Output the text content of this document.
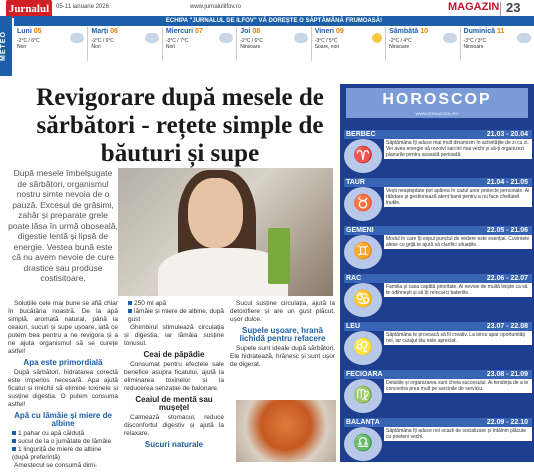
Jurnalul	05-11 ianuarie 2026	www.jurnalulilfov.ro	MAGAZIN 23
METEO
ECHIPA "JURNALUL DE ILFOV" VĂ DOREȘTE O SĂPTĂMÂNĂ FRUMOASĂ!
Luni 05
-2°C / 6°C
Nori
Marți 06
-2°C / 6°C
Nori
Miercuri 07
-3°C / 7°C
Nori
Joi 08
-2°C / 6°C
Ninsoare
Vineri 09
-3°C / 5°C
Soare, nori
Sâmbătă 10
-2°C / 4°C
Ninsoare
Duminică 11
-3°C / 3°C
Ninsoare
Revigorare după mesele de sărbători - rețete simple de băuturi și supe
După mesele îmbelșugate de sărbători, organismul nostru simte nevoia de o pauză. Excesul de grăsimi, zahăr și preparate grele poate lăsa în urmă oboseală, digestie lentă și lipsă de energie. Vestea bună este că nu avem nevoie de cure drastice sau produse costisitoare.

Soluțiile cele mai bune se află chiar în bucătăria noastră. De la apă simplă, aromată natural, până la ceaiuri, sucuri și supe ușoare, iată ce putem bea pentru a ne revigora și a ne ajuta organismul să se curețe astfel!

Apa este primordială

După sărbători, hidratarea corectă este imperios necesară. Apa ajută ficatul și rinichii să elimine toxinele și susține digestia. O putem consuma astfel!

Apă cu lămâie și miere de albine
1 pahar cu apă călduță
sucul de la o jumătate de lămâie
1 linguriță de miere de albine (după preferință)

Amestecul se consumă dimi-

250 ml apă
lămâie și miere de albine, după gust

Ghimbirul stimulează circulația și digestia, iar lămâia susține tonusul.

Ceai de păpădie

Consumat pentru efectele sale benefice asupra ficatului, ajută la eliminarea toxinelor și la reducerea senzației de balonare.

Ceaiul de mentă sau mușețel

Calmează stomacul, reduce disconfortul digestiv și ajută la relaxare.

Sucuri naturale

Sucul susține circulația, ajută la detoxifiere și are un gust plăcut, ușor dulce.

Supele ușoare, hrană lichidă pentru refacere

Supele sunt ideale după sărbători. Ele hidratează, hrănesc și sunt ușor de digerat.

HOROSCOP
WWW.ZODIACOOL.RO
BERBEC	21.03 - 20.04
♈
Săptămâna îți aduce mai mult dinamism în activitățile de zi cu zi. Vei avea energie să rezolvi sarcini mai vechi și să-ți organizezi planurile pentru această perioadă.
TAUR	21.04 - 21.05
♉
Vești neașteptate pot apărea în cazul unor proiecte personale. Ai răbdare și gestionează atent banii pentru a nu face cheltuieli inutile.
GEMENI	22.05 - 21.06
♊
Modul în care îți expui punctul de vedere este esențial. Cuvintele alese cu grijă te ajută să clarifici situațiile.
RAC	22.06 - 22.07
♋
Familia și casa capătă prioritate. Ai nevoie de multă liniște ca să te odihnești și să îți reîncarci bateriile.
LEU	23.07 - 22.08
♌
Săptămâna te provoacă să fii creativ. La birou apar oportunități noi, iar curajul tău este apreciat.
FECIOARA	23.08 - 21.09
♍
Detaliile și organizarea sunt cheia succesului. Ai tendința de a te concentra prea mult pe sarcinile de serviciu.
BALANȚA	22.09 - 22.10
♎
Săptămâna îți aduce noi ocazii de socializare și întâlniri plăcute cu prieteni vechi.
